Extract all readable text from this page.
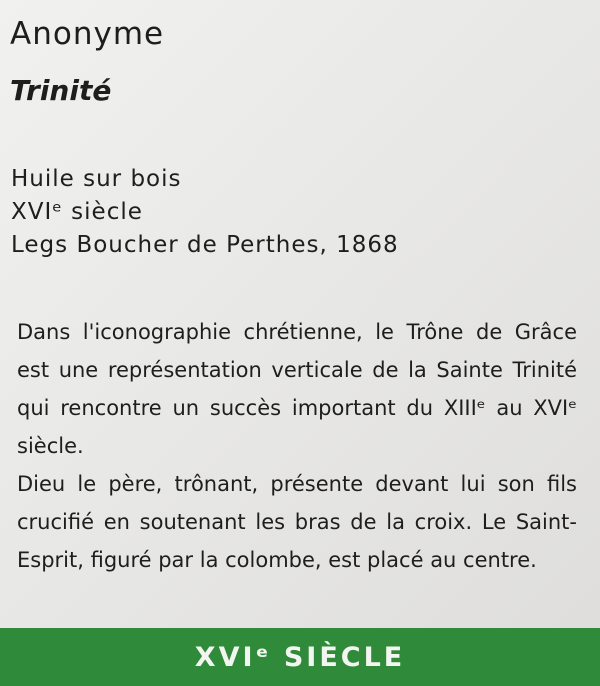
Anonyme
Trinité
Huile sur bois
XVIᵉ siècle
Legs Boucher de Perthes, 1868

Dans l'iconographie chrétienne, le Trône de Grâce est une représentation verticale de la Sainte Trinité qui rencontre un succès important du XIIIᵉ au XVIᵉ siècle.

Dieu le père, trônant, présente devant lui son fils crucifié en soutenant les bras de la croix. Le Saint-Esprit, figuré par la colombe, est placé au centre.

XVIᵉ SIÈCLE
